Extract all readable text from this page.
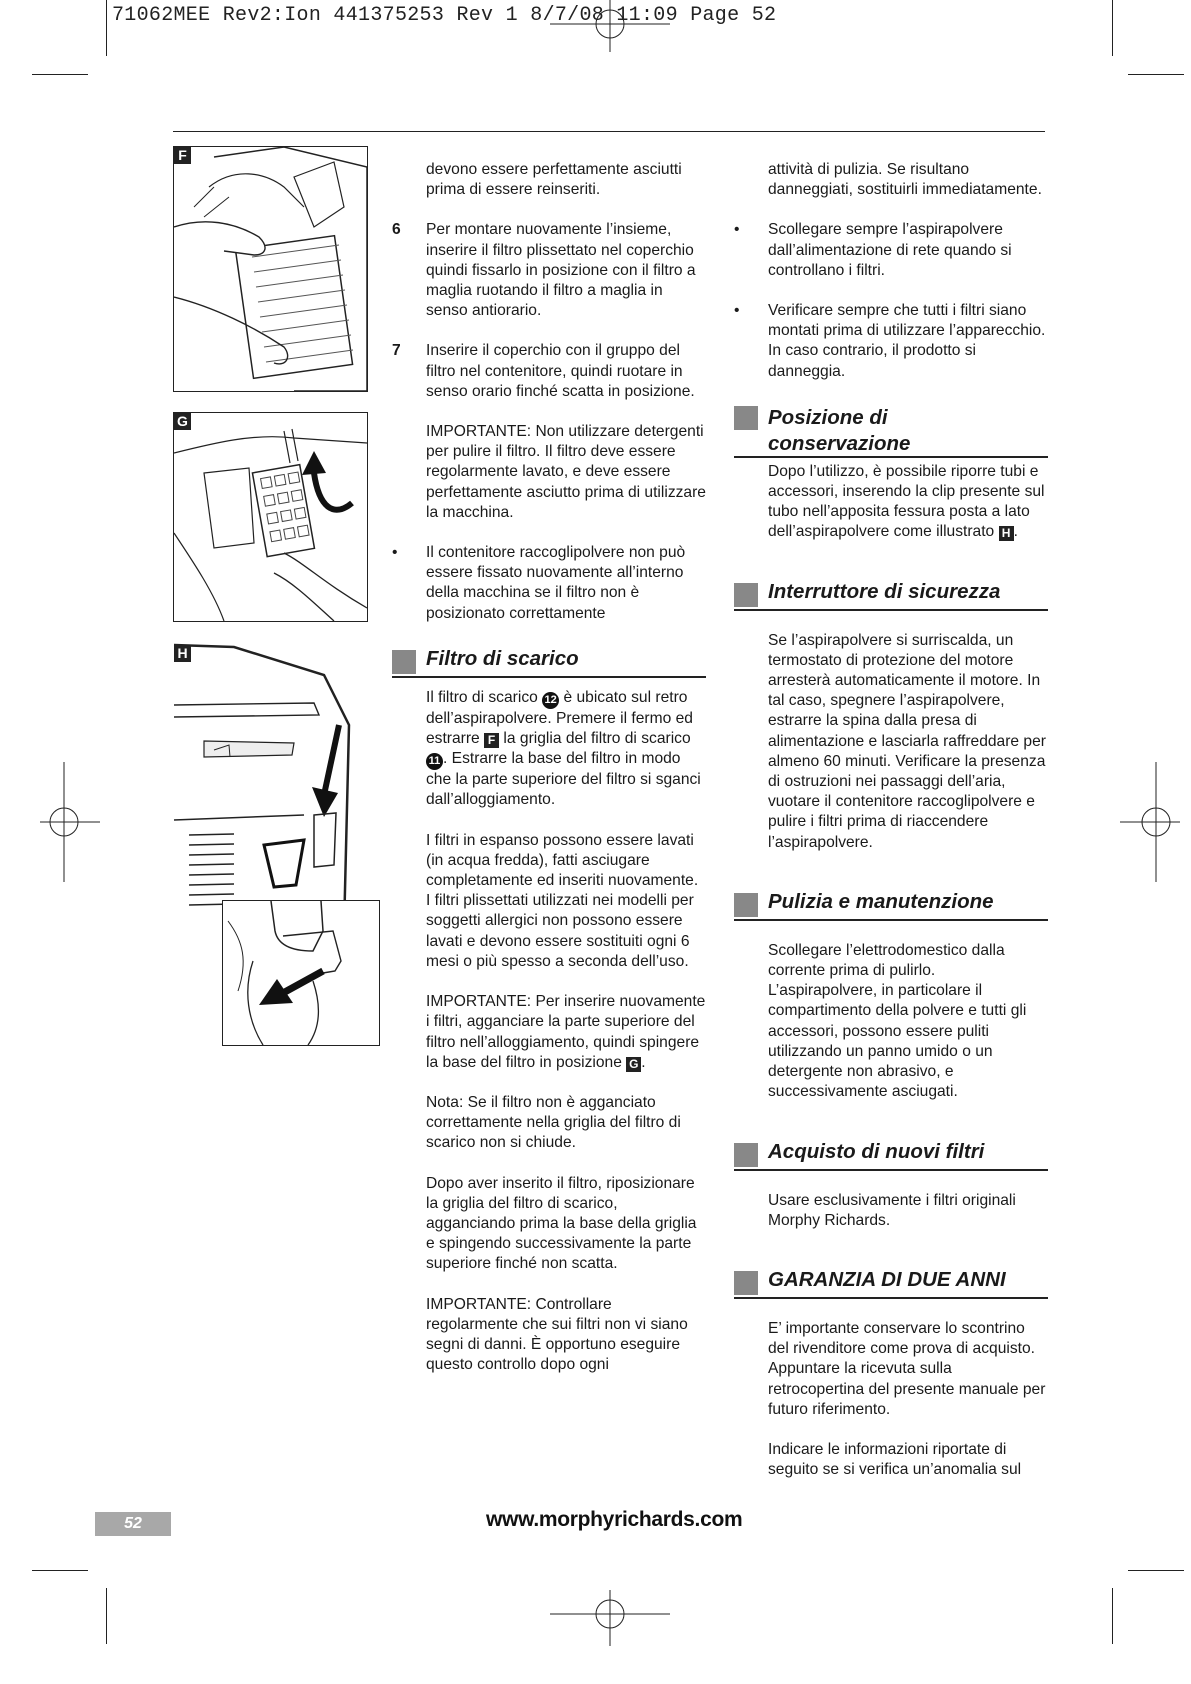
71062MEE Rev2:Ion 441375253 Rev 1 8/7/08 11:09 Page 52
F
G
H

devono essere perfettamente asciutti prima di essere reinseriti.

6 Per montare nuovamente l’insieme, inserire il filtro plissettato nel coperchio quindi fissarlo in posizione con il filtro a maglia ruotando il filtro a maglia in senso antiorario.

7 Inserire il coperchio con il gruppo del filtro nel contenitore, quindi ruotare in senso orario finché scatta in posizione.

IMPORTANTE: Non utilizzare detergenti per pulire il filtro. Il filtro deve essere regolarmente lavato, e deve essere perfettamente asciutto prima di utilizzare la macchina.

• Il contenitore raccoglipolvere non può essere fissato nuovamente all’interno della macchina se il filtro non è posizionato correttamente

Filtro di scarico

Il filtro di scarico 12 è ubicato sul retro dell’aspirapolvere. Premere il fermo ed estrarre F la griglia del filtro di scarico 11 . Estrarre la base del filtro in modo che la parte superiore del filtro si sganci dall’alloggiamento.

I filtri in espanso possono essere lavati (in acqua fredda), fatti asciugare completamente ed inseriti nuovamente. I filtri plissettati utilizzati nei modelli per soggetti allergici non possono essere lavati e devono essere sostituiti ogni 6 mesi o più spesso a seconda dell’uso.

IMPORTANTE: Per inserire nuovamente i filtri, agganciare la parte superiore del filtro nell’alloggiamento, quindi spingere la base del filtro in posizione G .

Nota: Se il filtro non è agganciato correttamente nella griglia del filtro di scarico non si chiude.

Dopo aver inserito il filtro, riposizionare la griglia del filtro di scarico, agganciando prima la base della griglia e spingendo successivamente la parte superiore finché non scatta.

IMPORTANTE: Controllare regolarmente che sui filtri non vi siano segni di danni. È opportuno eseguire questo controllo dopo ogni

attività di pulizia. Se risultano danneggiati, sostituirli immediatamente.

• Scollegare sempre l’aspirapolvere dall’alimentazione di rete quando si controllano i filtri.

• Verificare sempre che tutti i filtri siano montati prima di utilizzare l’apparecchio. In caso contrario, il prodotto si danneggia.

Posizione di conservazione

Dopo l’utilizzo, è possibile riporre tubi e accessori, inserendo la clip presente sul tubo nell’apposita fessura posta a lato dell’aspirapolvere come illustrato H .

Interruttore di sicurezza

Se l’aspirapolvere si surriscalda, un termostato di protezione del motore arresterà automaticamente il motore. In tal caso, spegnere l’aspirapolvere, estrarre la spina dalla presa di alimentazione e lasciarla raffreddare per almeno 60 minuti. Verificare la presenza di ostruzioni nei passaggi dell’aria, vuotare il contenitore raccoglipolvere e pulire i filtri prima di riaccendere l’aspirapolvere.

Pulizia e manutenzione

Scollegare l’elettrodomestico dalla corrente prima di pulirlo. L’aspirapolvere, in particolare il compartimento della polvere e tutti gli accessori, possono essere puliti utilizzando un panno umido o un detergente non abrasivo, e successivamente asciugati.

Acquisto di nuovi filtri

Usare esclusivamente i filtri originali Morphy Richards.

GARANZIA DI DUE ANNI

E’ importante conservare lo scontrino del rivenditore come prova di acquisto. Appuntare la ricevuta sulla retrocopertina del presente manuale per futuro riferimento.

Indicare le informazioni riportate di seguito se si verifica un’anomalia sul

52	www.morphyrichards.com
